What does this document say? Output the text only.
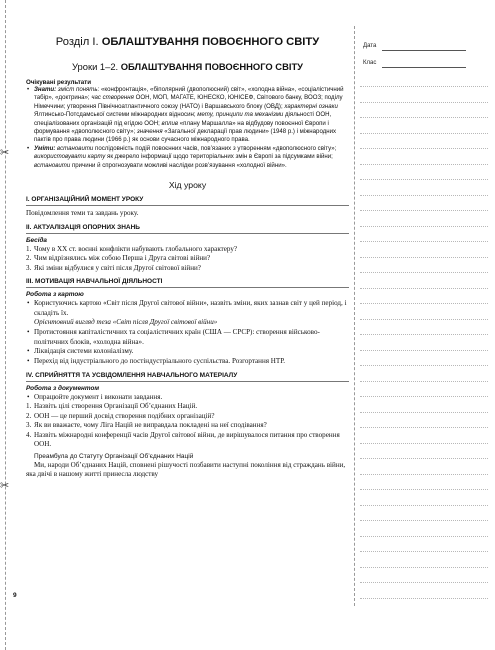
✂
✂
Дата
Клас
Розділ І. ОБЛАШТУВАННЯ ПОВОЄННОГО СВІТУ
Уроки 1–2. ОБЛАШТУВАННЯ ПОВОЄННОГО СВІТУ

Очікувані результати

• Знати: зміст понять: «конфронтація», «біполярний (двополюсний) світ», «холодна війна», «соціалістичний табір», «доктрина»; час створення ООН, МОП, МАГАТЕ, ЮНЕСКО, ЮНІСЕФ, Світового банку, ВООЗ; поділу Німеччини; утворення Північноатлантичного союзу (НАТО) і Варшавського блоку (ОВД); характерні ознаки Ялтинсько-Потсдамської системи міжнародних відносин; мету, принципи та механізми діяльності ООН, спеціалізованих організацій під егідою ООН; вплив «плану Маршалла» на відбудову повоєнної Європи і формування «двополюсного світу»; значення «Загальної декларації прав людини» (1948 р.) і міжнародних пактів про права людини (1966 р.) як основи сучасного міжнародного права.

• Уміти: встановити послідовність подій повоєнних часів, пов’язаних з утворенням «двополюсного світу»; використовувати карту як джерело інформації щодо територіальних змін в Європі за підсумками війни; встановити причини й спрогнозувати можливі наслідки розв’язування «холодної війни».

Хід уроку

I. ОРГАНІЗАЦІЙНИЙ МОМЕНТ УРОКУ

Повідомлення теми та завдань уроку.

II. АКТУАЛІЗАЦІЯ ОПОРНИХ ЗНАНЬ

Бесіда

1. Чому в XX ст. воєнні конфлікти набувають глобального характеру?

2. Чим відрізнялись між собою Перша і Друга світові війни?

3. Які зміни відбулися у світі після Другої світової війни?

III. МОТИВАЦІЯ НАВЧАЛЬНОЇ ДІЯЛЬНОСТІ

Робота з картою

• Користуючись картою «Світ після Другої світової війни», назвіть зміни, яких зазнав світ у цей період, і складіть їх.

Орієнтовний вигляд теза «Світ після Другої світової війни»

• Протистояння капіталістичних та соціалістичних країн (США — СРСР): створення військово-політичних блоків, «холодна війна».

• Ліквідація системи колоніалізму.

• Перехід від індустріального до постіндустріального суспільства. Розгортання НТР.

IV. СПРИЙНЯТТЯ ТА УСВІДОМЛЕННЯ НАВЧАЛЬНОГО МАТЕРІАЛУ

Робота з документом

• Опрацюйте документ і виконати завдання.

1. Назвіть цілі створення Організації Об’єднаних Націй.

2. ООН — це перший досвід створення подібних організацій?

3. Як ви вважаєте, чому Ліга Націй не виправдала покладені на неї сподівання?

4. Назвіть міжнародні конференції часів Другої світової війни, де вирішувалося питання про створення ООН.

Преамбула до Статуту Організації Об’єднаних Націй

Ми, народи Об’єднаних Націй, сповнені рішучості позбавити наступні покоління від страждань війни, яка двічі в нашому житті принесла людству

9
